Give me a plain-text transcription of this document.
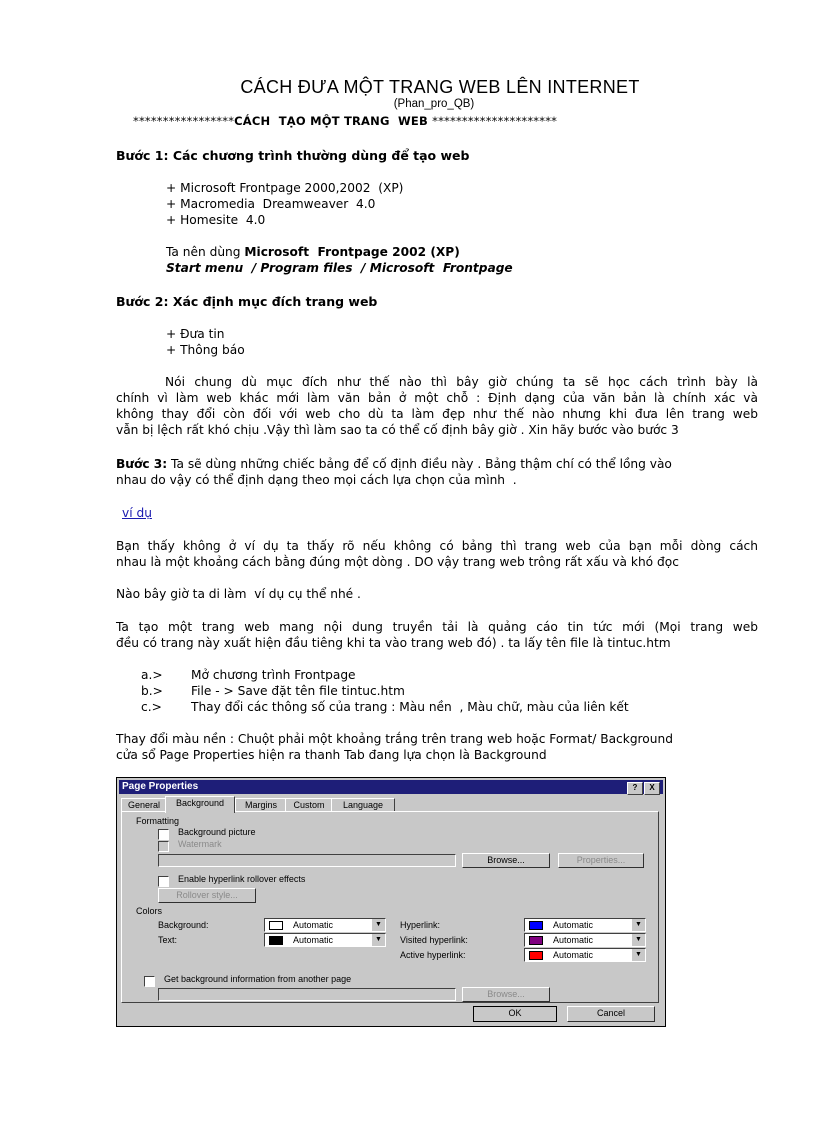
CÁCH ĐƯA MỘT TRANG WEB LÊN INTERNET
(Phan_pro_QB)
*****************CÁCH  TẠO MỘT TRANG  WEB *********************
Bước 1: Các chương trình thường dùng để tạo web
+ Microsoft Frontpage 2000,2002  (XP)
+ Macromedia  Dreamweaver  4.0
+ Homesite  4.0
Ta nên dùng Microsoft  Frontpage 2002 (XP)
Start menu  / Program files  / Microsoft  Frontpage
Bước 2: Xác định mục đích trang web
+ Đưa tin
+ Thông báo
Nói chung dù mục đích như thế nào thì bây giờ chúng ta sẽ học cách trình bày là
chính vì làm web khác mới làm văn bản ở một chỗ : Định dạng của văn bản là chính xác và
không thay đổi còn đối với web cho dù ta làm đẹp như thế nào nhưng khi đưa lên trang web
vẫn bị lệch rất khó chịu .Vậy thì làm sao ta có thể cố định bây giờ . Xin hãy bước vào bước 3
Bước 3: Ta sẽ dùng những chiếc bảng để cố định điều này . Bảng thậm chí có thể lồng vào
nhau do vậy có thể định dạng theo mọi cách lựa chọn của mình  .
ví dụ
Bạn thấy không ở ví dụ ta thấy rõ nếu không có bảng thì trang web của bạn mỗi dòng cách
nhau là một khoảng cách bằng đúng một dòng . DO vậy trang web trông rất xấu và khó đọc
Nào bây giờ ta di làm  ví dụ cụ thể nhé .
Ta tạo một trang web mang nội dung truyền tải là quảng cáo tin tức mới (Mọi trang web
đều có trang này xuất hiện đầu tiêng khi ta vào trang web đó) . ta lấy tên file là tintuc.htm
a.> Mở chương trình Frontpage
b.> File - > Save đặt tên file tintuc.htm
c.> Thay đổi các thông số của trang : Màu nền  , Màu chữ, màu của liên kết
Thay đổi màu nền : Chuột phải một khoảng trắng trên trang web hoặc Format/ Background
cửa sổ Page Properties hiện ra thanh Tab đang lựa chọn là Background
Page Properties	?	X
General	Background	Margins	Custom	Language
Formatting
Background picture
Watermark
Browse...	Properties...
Enable hyperlink rollover effects
Rollover style...
Colors
Background:	Automatic	▼
Text:	Automatic	▼
Hyperlink:	Automatic	▼
Visited hyperlink:	Automatic	▼
Active hyperlink:	Automatic	▼
Get background information from another page
Browse...
OK	Cancel
